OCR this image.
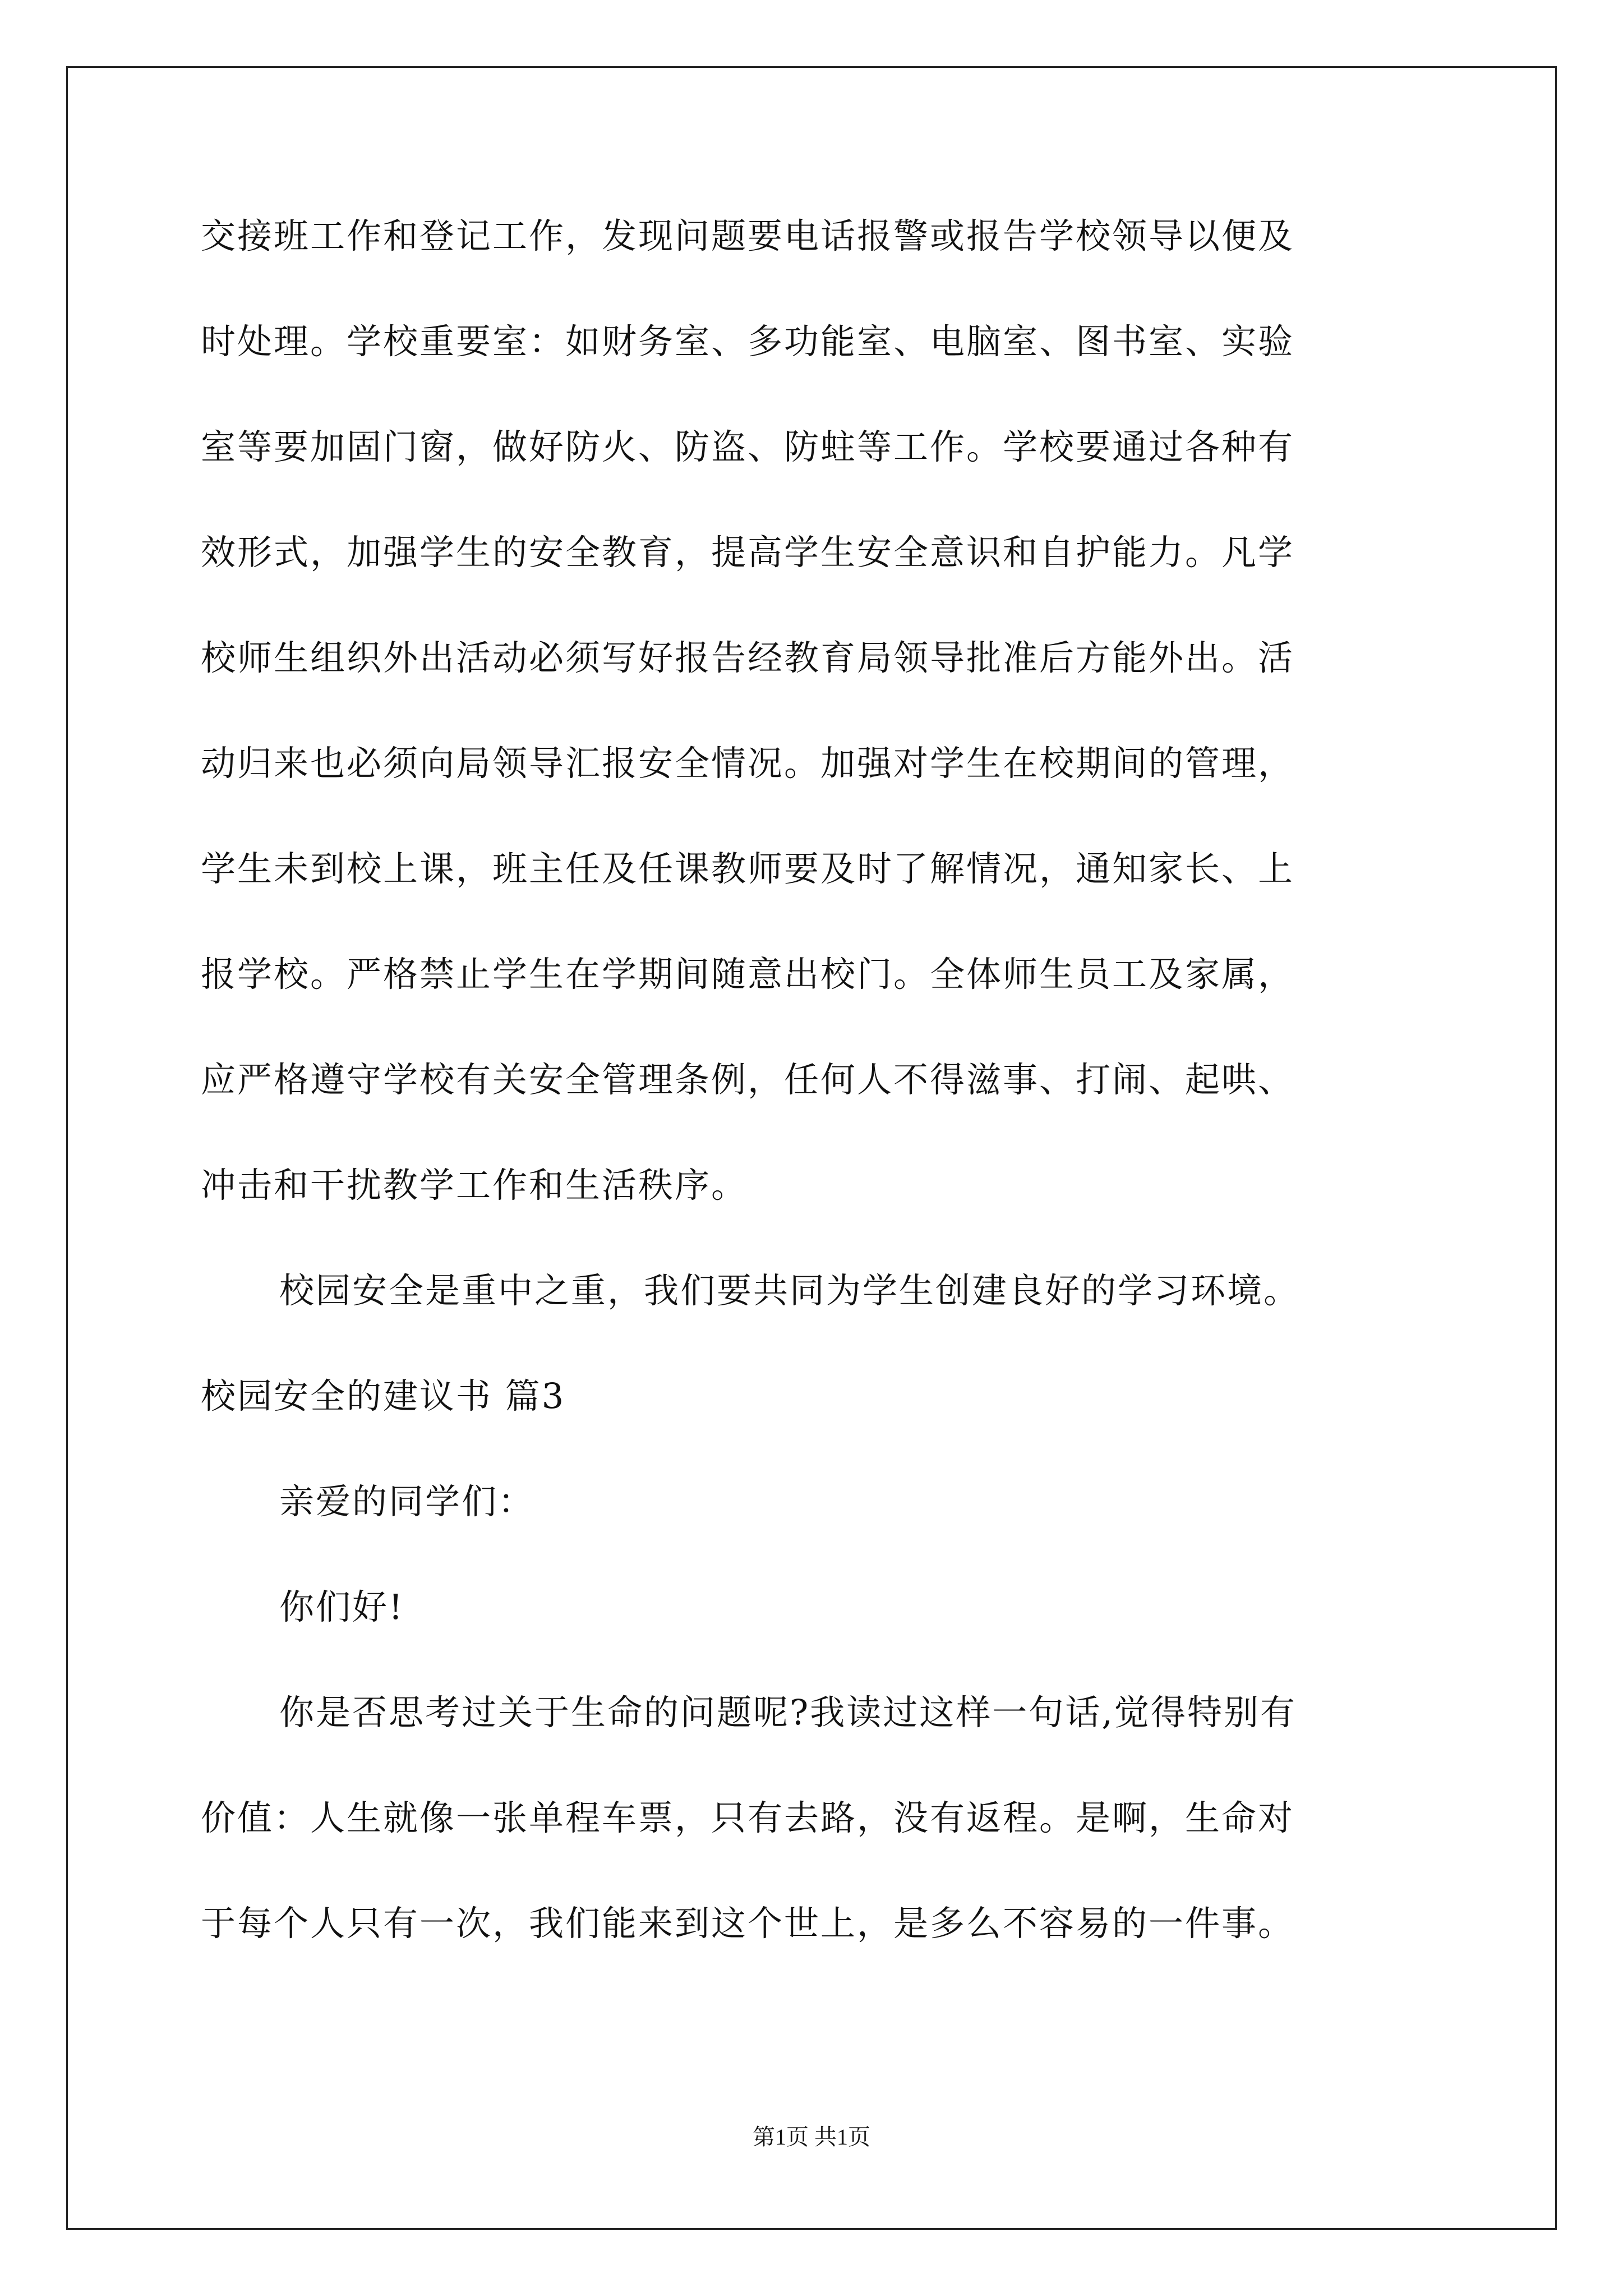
交接班工作和登记工作，发现问题要电话报警或报告学校领导以便及
时处理。学校重要室：如财务室、多功能室、电脑室、图书室、实验
室等要加固门窗，做好防火、防盗、防蛀等工作。学校要通过各种有
效形式，加强学生的安全教育，提高学生安全意识和自护能力。凡学
校师生组织外出活动必须写好报告经教育局领导批准后方能外出。活
动归来也必须向局领导汇报安全情况。加强对学生在校期间的管理，
学生未到校上课，班主任及任课教师要及时了解情况，通知家长、上
报学校。严格禁止学生在学期间随意出校门。全体师生员工及家属，
应严格遵守学校有关安全管理条例，任何人不得滋事、打闹、起哄、
冲击和干扰教学工作和生活秩序。
校园安全是重中之重，我们要共同为学生创建良好的学习环境。
校园安全的建议书 篇3
亲爱的同学们：
你们好!
你是否思考过关于生命的问题呢?我读过这样一句话,觉得特别有
价值：人生就像一张单程车票，只有去路，没有返程。是啊，生命对
于每个人只有一次，我们能来到这个世上，是多么不容易的一件事。
第1页 共1页
